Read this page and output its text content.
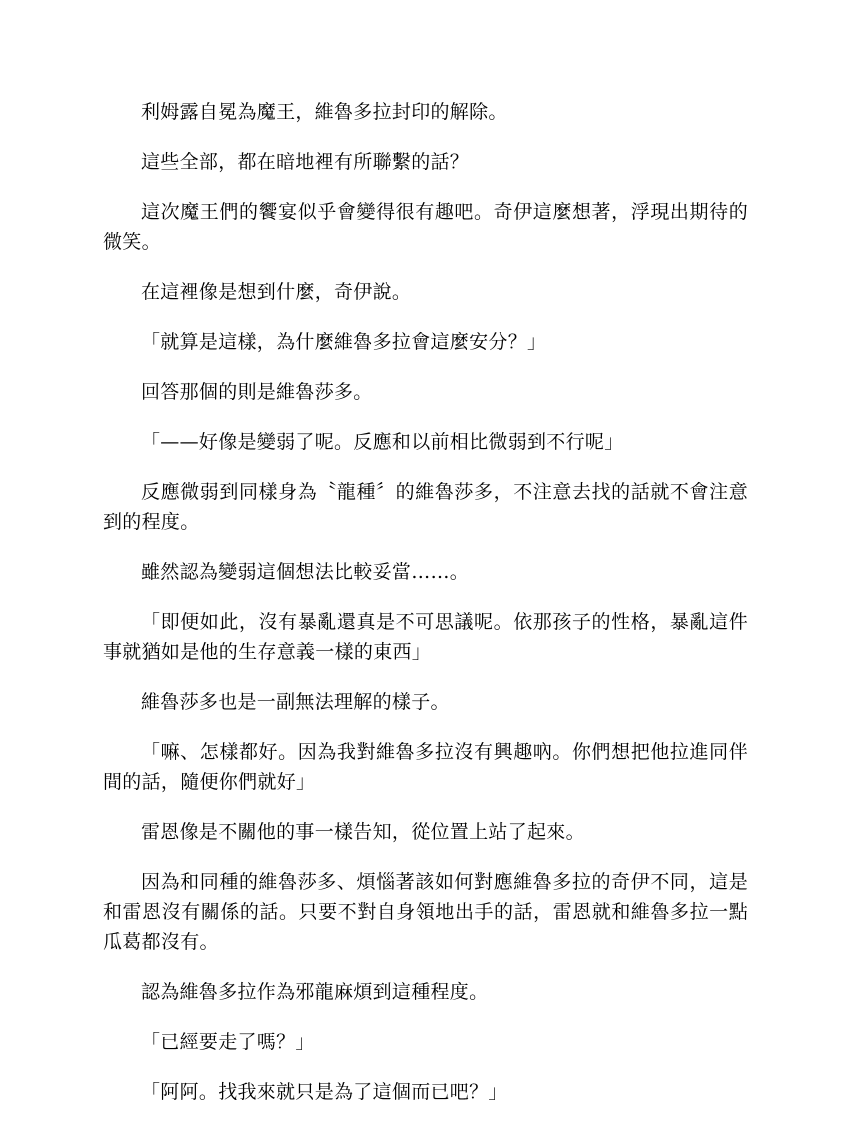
利姆露自冕為魔王，維魯多拉封印的解除。

這些全部，都在暗地裡有所聯繫的話？

這次魔王們的饗宴似乎會變得很有趣吧。奇伊這麼想著，浮現出期待的微笑。

在這裡像是想到什麼，奇伊說。

「就算是這樣，為什麼維魯多拉會這麼安分？」

回答那個的則是維魯莎多。

「——好像是變弱了呢。反應和以前相比微弱到不行呢」

反應微弱到同樣身為〝龍種〞的維魯莎多，不注意去找的話就不會注意到的程度。

雖然認為變弱這個想法比較妥當……。

「即便如此，沒有暴亂還真是不可思議呢。依那孩子的性格，暴亂這件事就猶如是他的生存意義一樣的東西」

維魯莎多也是一副無法理解的樣子。

「嘛、怎樣都好。因為我對維魯多拉沒有興趣吶。你們想把他拉進同伴間的話，隨便你們就好」

雷恩像是不關他的事一樣告知，從位置上站了起來。

因為和同種的維魯莎多、煩惱著該如何對應維魯多拉的奇伊不同，這是和雷恩沒有關係的話。只要不對自身領地出手的話，雷恩就和維魯多拉一點瓜葛都沒有。

認為維魯多拉作為邪龍麻煩到這種程度。

「已經要走了嗎？」

「阿阿。找我來就只是為了這個而已吧？」
